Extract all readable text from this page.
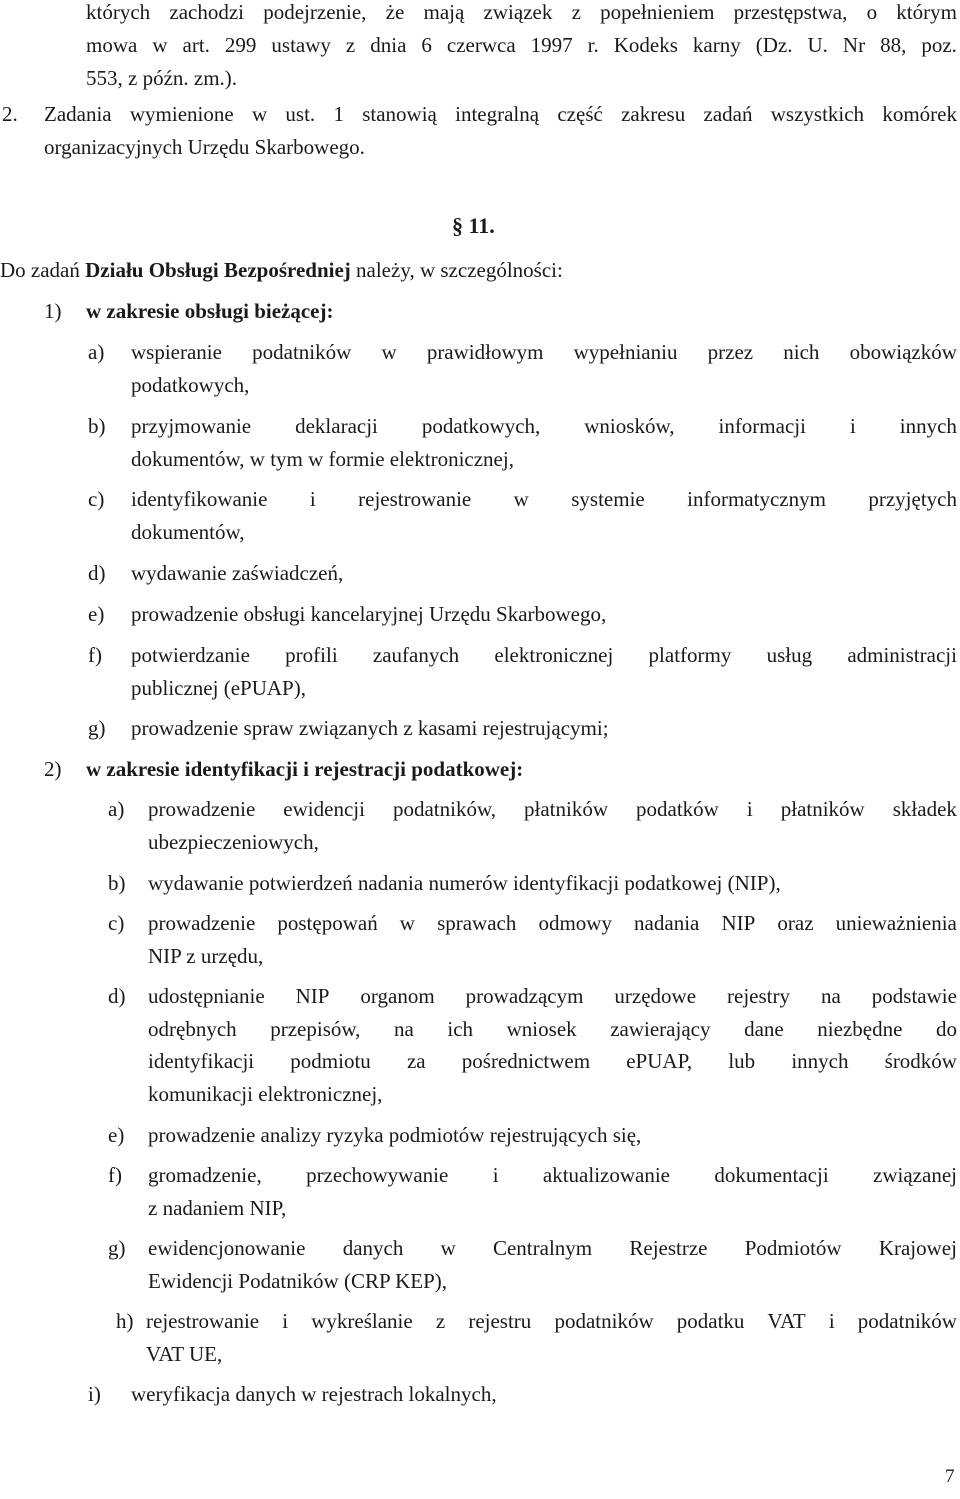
których zachodzi podejrzenie, że mają związek z popełnieniem przestępstwa, o którym
mowa w art. 299 ustawy z dnia 6 czerwca 1997 r. Kodeks karny (Dz. U. Nr 88, poz.
553, z późn. zm.).
2. Zadania wymienione w ust. 1 stanowią integralną część zakresu zadań wszystkich komórek
organizacyjnych Urzędu Skarbowego.
§ 11.
Do zadań Działu Obsługi Bezpośredniej należy, w szczególności:
1) w zakresie obsługi bieżącej:
a) wspieranie podatników w prawidłowym wypełnianiu przez nich obowiązków
podatkowych,
b) przyjmowanie deklaracji podatkowych, wniosków, informacji i innych
dokumentów, w tym w formie elektronicznej,
c) identyfikowanie i rejestrowanie w systemie informatycznym przyjętych
dokumentów,
d) wydawanie zaświadczeń,
e) prowadzenie obsługi kancelaryjnej Urzędu Skarbowego,
f) potwierdzanie profili zaufanych elektronicznej platformy usług administracji
publicznej (ePUAP),
g) prowadzenie spraw związanych z kasami rejestrującymi;
2) w zakresie identyfikacji i rejestracji podatkowej:
a) prowadzenie ewidencji podatników, płatników podatków i płatników składek
ubezpieczeniowych,
b) wydawanie potwierdzeń nadania numerów identyfikacji podatkowej (NIP),
c) prowadzenie postępowań w sprawach odmowy nadania NIP oraz unieważnienia
NIP z urzędu,
d) udostępnianie NIP organom prowadzącym urzędowe rejestry na podstawie
odrębnych przepisów, na ich wniosek zawierający dane niezbędne do
identyfikacji podmiotu za pośrednictwem ePUAP, lub innych środków
komunikacji elektronicznej,
e) prowadzenie analizy ryzyka podmiotów rejestrujących się,
f) gromadzenie, przechowywanie i aktualizowanie dokumentacji związanej
z nadaniem NIP,
g) ewidencjonowanie danych w Centralnym Rejestrze Podmiotów Krajowej
Ewidencji Podatników (CRP KEP),
h) rejestrowanie i wykreślanie z rejestru podatników podatku VAT i podatników
VAT UE,
i) weryfikacja danych w rejestrach lokalnych,
7
